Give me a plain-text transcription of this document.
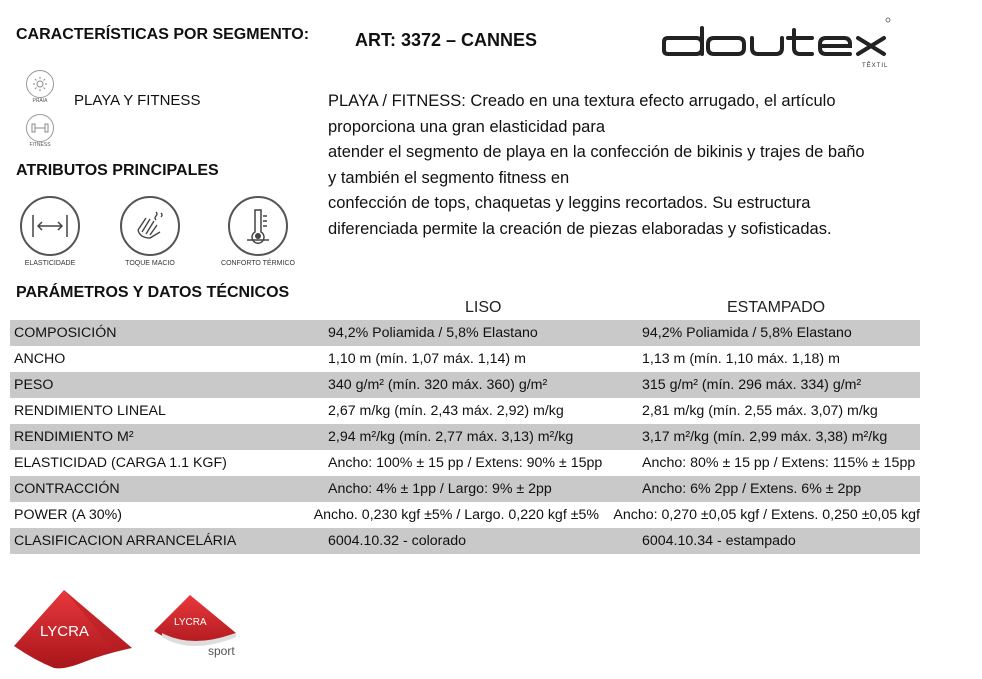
CARACTERÍSTICAS POR SEGMENTO:	ART: 3372 – CANNES
TÊXTIL
PRAIA
FITNESS
PLAYA Y FITNESS	PLAYA / FITNESS: Creado en una textura efecto arrugado, el artículo

proporciona una gran elasticidad para

atender el segmento de playa en la confección de bikinis y trajes de baño

y también el segmento fitness en

confección de tops, chaquetas y leggins recortados. Su estructura

diferenciada permite la creación de piezas elaboradas y sofisticadas.

ATRIBUTOS PRINCIPALES
ELASTICIDADE	TOQUE MACIO	CONFORTO TÉRMICO
PARÁMETROS Y DATOS TÉCNICOS
LISO	ESTAMPADO
COMPOSICIÓN	94,2% Poliamida / 5,8% Elastano	94,2% Poliamida / 5,8% Elastano
ANCHO	1,10 m (mín. 1,07 máx. 1,14) m	1,13 m (mín. 1,10 máx. 1,18) m
PESO	340 g/m² (mín. 320 máx. 360) g/m²	315 g/m² (mín. 296 máx. 334) g/m²
RENDIMIENTO LINEAL	2,67 m/kg (mín. 2,43 máx. 2,92) m/kg	2,81 m/kg (mín. 2,55 máx. 3,07) m/kg
RENDIMIENTO M²	2,94 m²/kg (mín. 2,77 máx. 3,13) m²/kg	3,17 m²/kg (mín. 2,99 máx. 3,38) m²/kg
ELASTICIDAD (CARGA 1.1 KGF)	Ancho: 100% ± 15 pp / Extens: 90% ± 15pp	Ancho: 80% ± 15 pp / Extens: 115% ± 15pp
CONTRACCIÓN	Ancho: 4% ± 1pp / Largo: 9% ± 2pp	Ancho: 6% 2pp / Extens. 6% ± 2pp
POWER (A 30%)	Ancho. 0,230 kgf ±5% / Largo. 0,220 kgf ±5%	Ancho: 0,270 ±0,05 kgf / Extens. 0,250 ±0,05 kgf
CLASIFICACION ARRANCELÁRIA	6004.10.32 - colorado	6004.10.34 - estampado
LYCRA
LYCRA
sport
